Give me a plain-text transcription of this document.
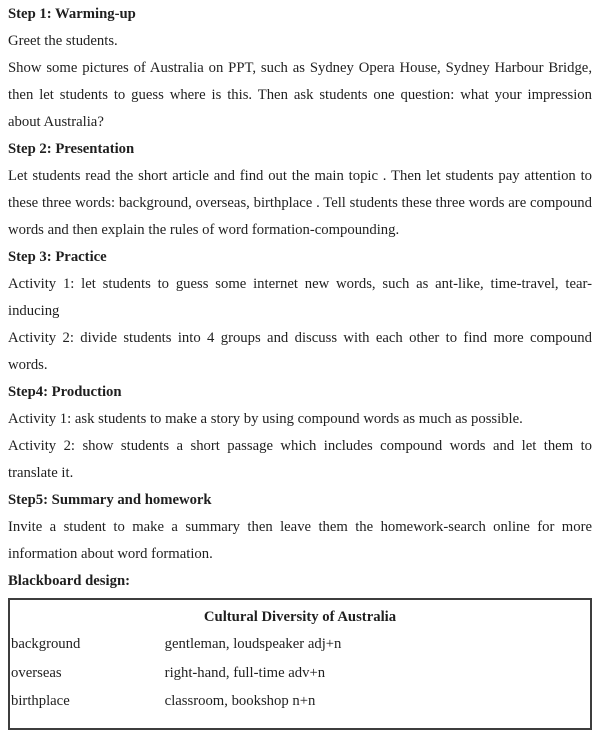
Step 1: Warming-up

Greet the students.

Show some pictures of Australia on PPT, such as Sydney Opera House, Sydney Harbour Bridge, then let students to guess where is this. Then ask students one question: what your impression about Australia?

Step 2: Presentation

Let students read the short article and find out the main topic . Then let students pay attention to these three words: background, overseas, birthplace . Tell students these three words are compound words and then explain the rules of word formation-compounding.

Step 3: Practice

Activity 1: let students to guess some internet new words, such as ant-like, time-travel, tear-inducing

Activity 2: divide students into 4 groups and discuss with each other to find more compound words.

Step4: Production

Activity 1: ask students to make a story by using compound words as much as possible.

Activity 2: show students a short passage which includes compound words and let them to translate it.

Step5: Summary and homework

Invite a student to make a summary then leave them the homework-search online for more information about word formation.

Blackboard design:

Cultural Diversity of Australia

background	gentleman, loudspeaker adj+n

overseas	right-hand, full-time adv+n

birthplace	classroom, bookshop n+n
